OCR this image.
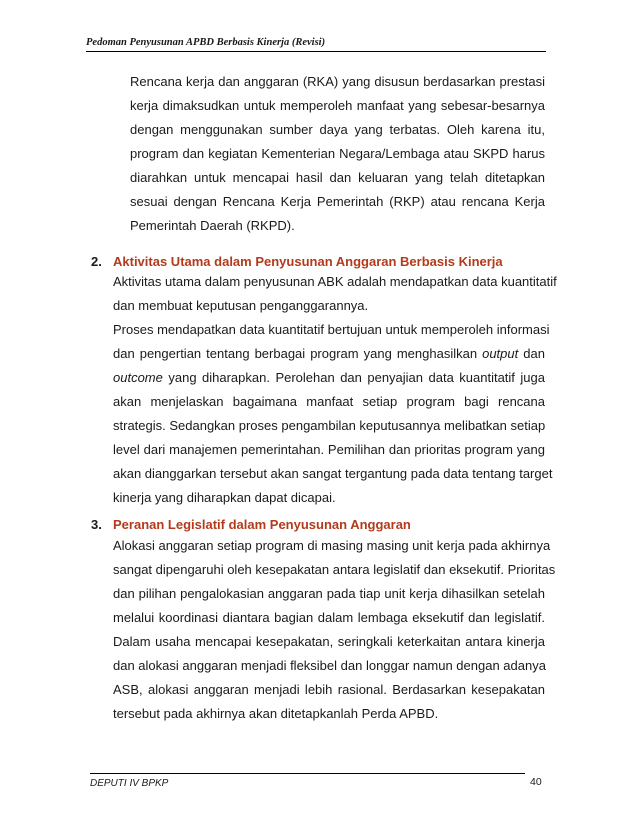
Pedoman Penyusunan APBD Berbasis Kinerja (Revisi)
Rencana kerja dan anggaran (RKA) yang disusun berdasarkan prestasi
kerja dimaksudkan untuk memperoleh manfaat yang sebesar-besarnya
dengan menggunakan sumber daya yang terbatas. Oleh karena itu,
program dan kegiatan Kementerian Negara/Lembaga atau SKPD harus
diarahkan untuk mencapai hasil dan keluaran yang telah ditetapkan
sesuai dengan Rencana Kerja Pemerintah (RKP) atau rencana Kerja
Pemerintah Daerah (RKPD).
2. Aktivitas Utama dalam Penyusunan Anggaran Berbasis Kinerja
Aktivitas utama dalam penyusunan ABK adalah mendapatkan data kuantitatif
dan membuat keputusan penganggarannya.
Proses mendapatkan data kuantitatif bertujuan untuk memperoleh informasi
dan pengertian tentang berbagai program yang menghasilkan output dan
outcome yang diharapkan. Perolehan dan penyajian data kuantitatif juga
akan menjelaskan bagaimana manfaat setiap program bagi rencana
strategis. Sedangkan proses pengambilan keputusannya melibatkan setiap
level dari manajemen pemerintahan. Pemilihan dan prioritas program yang
akan dianggarkan tersebut akan sangat tergantung pada data tentang target
kinerja yang diharapkan dapat dicapai.
3. Peranan Legislatif dalam Penyusunan Anggaran
Alokasi anggaran setiap program di masing masing unit kerja pada akhirnya
sangat dipengaruhi oleh kesepakatan antara legislatif dan eksekutif. Prioritas
dan pilihan pengalokasian anggaran pada tiap unit kerja dihasilkan setelah
melalui koordinasi diantara bagian dalam lembaga eksekutif dan legislatif.
Dalam usaha mencapai kesepakatan, seringkali keterkaitan antara kinerja
dan alokasi anggaran menjadi fleksibel dan longgar namun dengan adanya
ASB, alokasi anggaran menjadi lebih rasional. Berdasarkan kesepakatan
tersebut pada akhirnya akan ditetapkanlah Perda APBD.
DEPUTI IV BPKP	40
